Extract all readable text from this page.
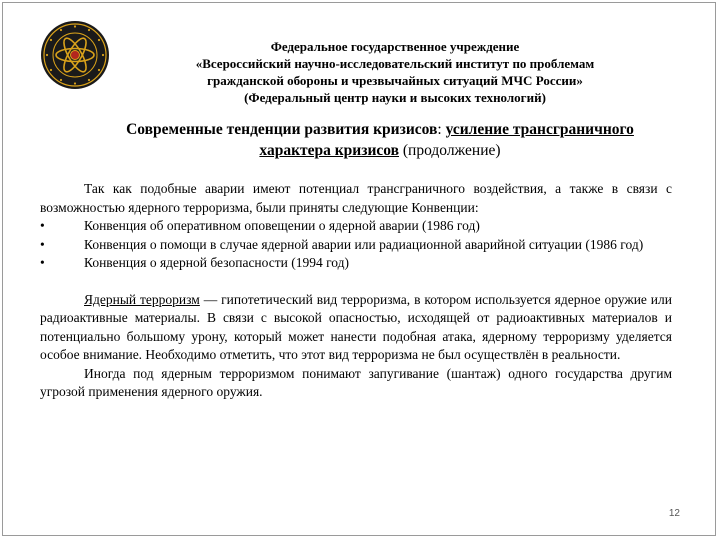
Федеральное государственное учреждение
«Всероссийский научно-исследовательский институт по проблемам
гражданской обороны и чрезвычайных ситуаций МЧС России»
(Федеральный центр науки и высоких технологий)
Современные тенденции развития кризисов: усиление трансграничного
характера кризисов (продолжение)

Так как подобные аварии имеют потенциал трансграничного воздействия, а также в связи с возможностью ядерного терроризма, были приняты следующие Конвенции:

•	Конвенция об оперативном оповещении о ядерной аварии (1986 год)

•	Конвенция о помощи в случае ядерной аварии или радиационной аварийной ситуации (1986 год)

•	Конвенция о ядерной безопасности (1994 год)

Ядерный терроризм — гипотетический вид терроризма, в котором используется ядерное оружие или радиоактивные материалы. В связи с высокой опасностью, исходящей от радиоактивных материалов и потенциально большому урону, который может нанести подобная атака, ядерному терроризму уделяется особое внимание. Необходимо отметить, что этот вид терроризма не был осуществлён в реальности.

Иногда под ядерным терроризмом понимают запугивание (шантаж) одного государства другим угрозой применения ядерного оружия.

12
